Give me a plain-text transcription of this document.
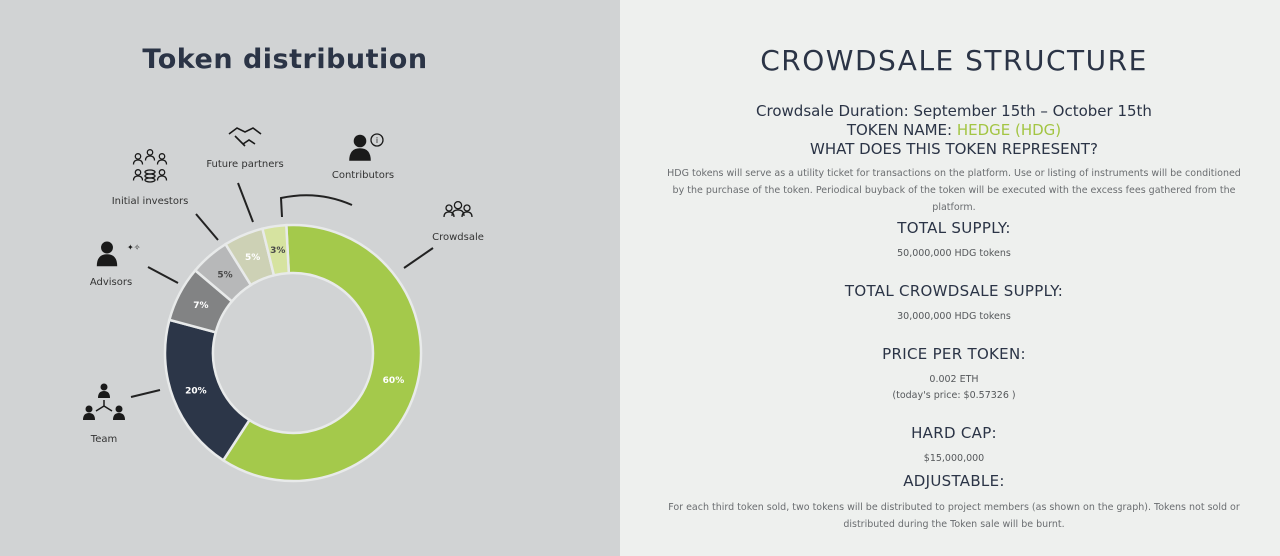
Token distribution
60%
20%
7%
5%
5%
3%
✦✧
i
Crowdsale
Team
Advisors
Initial investors
Future partners
Contributors
CROWDSALE STRUCTURE
Crowdsale Duration: September 15th – October 15th
TOKEN NAME: HEDGE (HDG)
WHAT DOES THIS TOKEN REPRESENT?
HDG tokens will serve as a utility ticket for transactions on the platform. Use or listing of instruments will be conditioned by the purchase of the token. Periodical buyback of the token will be executed with the excess fees gathered from the platform.
TOTAL SUPPLY:
50,000,000 HDG tokens
TOTAL CROWDSALE SUPPLY:
30,000,000 HDG tokens
PRICE PER TOKEN:
0.002 ETH
(today's price: $0.57326 )
HARD CAP:
$15,000,000
ADJUSTABLE:
For each third token sold, two tokens will be distributed to project members (as shown on the graph). Tokens not sold or distributed during the Token sale will be burnt.
